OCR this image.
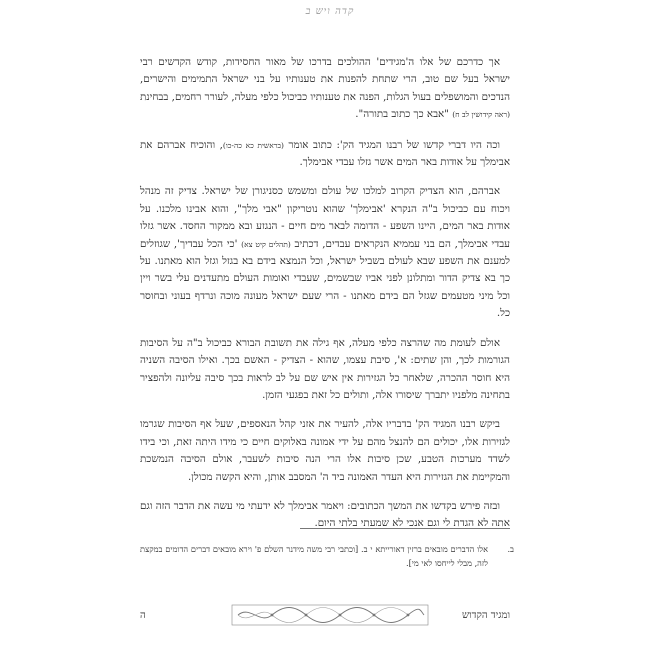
קדה ויש ב

אך כדרכם של אלו ה'מגידים' ההולכים בדרכו של מאור החסידות, קודש הקדשים רבי ישראל בעל שם טוב, הרי שתחת להפנות את טענותיו על בני ישראל התמימים והישרים, הנדכים והמושפלים בעול הגלות, הפנה את טענותיו כביכול כלפי מעלה, לעורר רחמים, בבחינת (ראה קידושין לב ח) "אבא כך כתוב בתורה".

וכה היו דברי קדשו של רבנו המגיד הק': כתוב אומר (בראשית כא כה-כו), והוכיח אברהם את אבימלך על אודות באר המים אשר גזלו עבדי אבימלך.

אברהם, הוא הצדיק הקרוב למלכו של עולם ומשמש כסניגורן של ישראל. צדיק זה מנהל ויכוח עם כביכול ב"ה הנקרא 'אבימלך' שהוא נוטריקון "אבי מלך", והוא אבינו מלכנו. על אודות באר המים, היינו השפע - הדומה לבאר מים חיים - הנגזע ובא ממקור החסד. אשר גזלו עבדי אבימלך, הם בני עממיא הנקראים עבדים, דכתיב (תהלים קיט צא) 'כי הכל עבדיך', שגוזלים למענם את השפע שבא לעולם בשביל ישראל, וכל הנמצא בידם בא בגזל וגזל הוא מאתנו. על כך בא צדיק הדור ומתלונן לפני אביו שבשמים, שעבדי ואומות העולם מתעדנים עלי בשר ויין וכל מיני מטעמים שגזל הם בידם מאתנו - הרי שעם ישראל מעונה מוכה ונרדף בעוני ובחוסר כל.

אולם לעומת מה שהרצה כלפי מעלה, אף גילה את תשובת הבורא כביכול ב"ה על הסיבות הגורמות לכך, והן שתים: א', סיבת עצמו, שהוא - הצדיק - האשם בכך. ואילו הסיבה השניה היא חוסר ההכרה, שלאחר כל הגזירות אין איש שם על לב לראות בכך סיבה עליונה ולהפציר בתחינה מלפניו יתברך שיסורו אלה, ותולים כל זאת בפגעי הזמן.

ביקש רבנו המגיד הק' בדבריו אלה, להעיר את אזני קהל הנאספים, שעל אף הסיבות שגרמו לגזירות אלו, יכולים הם להנצל מהם על ידי אמונה באלוקים חיים כי מידו היתה זאת, וכי בידו לשדד מערכות הטבע, שכן סיבות אלו הרי הנה סיבות לשעבר, אולם הסיבה הנמשכת והמקיימת את הגזירות היא העדר האמונה ביד ה' המסבב אותן, והיא הקשה מכולן.

ובזה פירש בקדשו את המשך הכתובים: ויאמר אבימלך לא ידעתי מי עשה את הדבר הזה וגם אתה לא הגדת לי וגם אנכי לא שמעתי בלתי היום.

ב.
אלו הדברים מובאים ברזין דאורייתא י ב. [וכתבי רבי משה מידנר השלם פ' וירא מובאים דברים הדומים במקצת לזה, מבלי לייחסו לאי מי].
ומגיד הקדוש
ה
